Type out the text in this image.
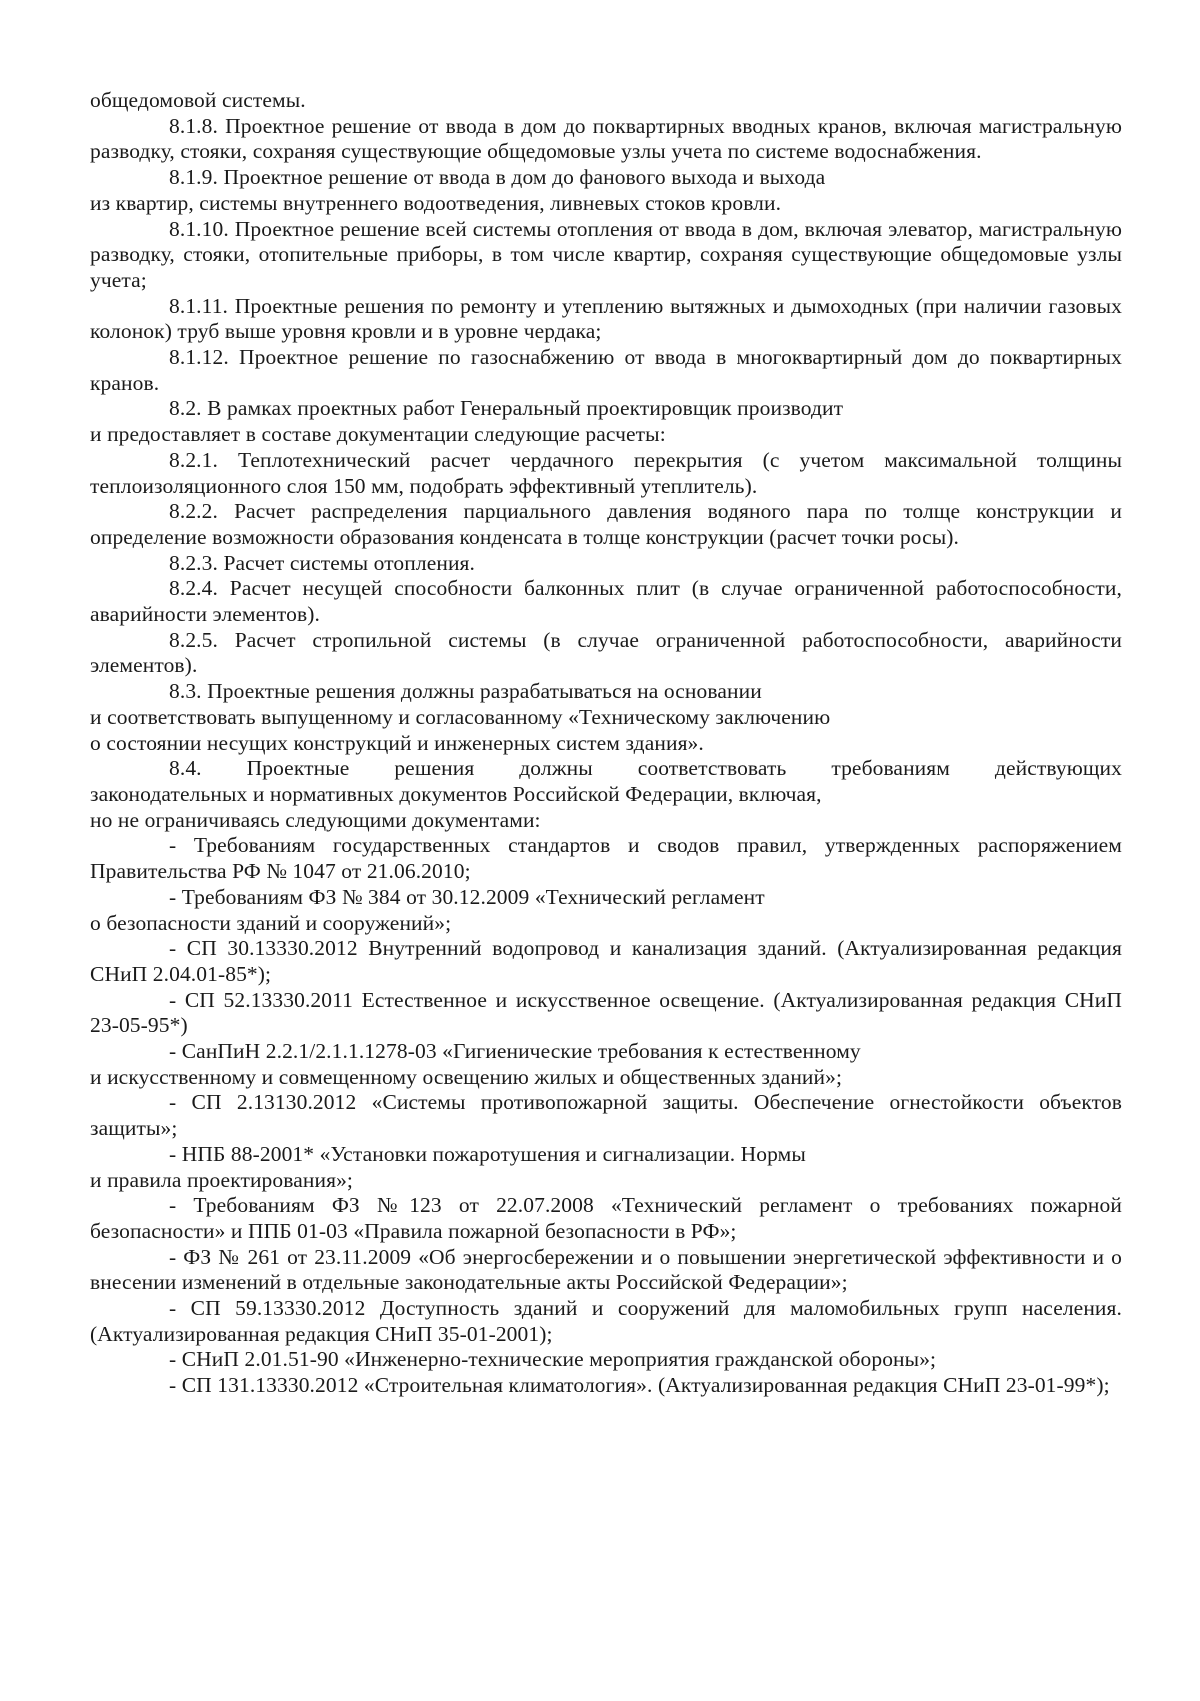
общедомовой системы.

8.1.8. Проектное решение от ввода в дом до поквартирных вводных кранов, включая магистральную разводку, стояки, сохраняя существующие общедомовые узлы учета по системе водоснабжения.

8.1.9. Проектное решение от ввода в дом до фанового выхода и выхода
из квартир, системы внутреннего водоотведения, ливневых стоков кровли.

8.1.10. Проектное решение всей системы отопления от ввода в дом, включая элеватор, магистральную разводку, стояки, отопительные приборы, в том числе квартир, сохраняя существующие общедомовые узлы учета;

8.1.11. Проектные решения по ремонту и утеплению вытяжных и дымоходных (при наличии газовых колонок) труб выше уровня кровли и в уровне чердака;

8.1.12. Проектное решение по газоснабжению от ввода в многоквартирный дом до поквартирных кранов.

8.2. В рамках проектных работ Генеральный проектировщик производит
и предоставляет в составе документации следующие расчеты:

8.2.1. Теплотехнический расчет чердачного перекрытия (с учетом максимальной толщины теплоизоляционного слоя 150 мм, подобрать эффективный утеплитель).

8.2.2. Расчет распределения парциального давления водяного пара по толще конструкции и определение возможности образования конденсата в толще конструкции (расчет точки росы).

8.2.3. Расчет системы отопления.

8.2.4. Расчет несущей способности балконных плит (в случае ограниченной работоспособности, аварийности элементов).

8.2.5. Расчет стропильной системы (в случае ограниченной работоспособности, аварийности элементов).

8.3. Проектные решения должны разрабатываться на основании
и соответствовать выпущенному и согласованному «Техническому заключению
о состоянии несущих конструкций и инженерных систем здания».

8.4. Проектные решения должны соответствовать требованиям действующих

законодательных и нормативных документов Российской Федерации, включая,
но не ограничиваясь следующими документами:

- Требованиям государственных стандартов и сводов правил, утвержденных распоряжением Правительства РФ № 1047 от 21.06.2010;

- Требованиям ФЗ № 384 от 30.12.2009 «Технический регламент
о безопасности зданий и сооружений»;

- СП 30.13330.2012 Внутренний водопровод и канализация зданий. (Актуализированная редакция СНиП 2.04.01-85*);

- СП 52.13330.2011 Естественное и искусственное освещение. (Актуализированная редакция СНиП 23-05-95*)

- СанПиН 2.2.1/2.1.1.1278-03 «Гигиенические требования к естественному
и искусственному и совмещенному освещению жилых и общественных зданий»;

- СП 2.13130.2012 «Системы противопожарной защиты. Обеспечение огнестойкости объектов защиты»;

- НПБ 88-2001* «Установки пожаротушения и сигнализации. Нормы
и правила проектирования»;

- Требованиям ФЗ №123 от 22.07.2008 «Технический регламент о требованиях пожарной безопасности» и ППБ 01-03 «Правила пожарной безопасности в РФ»;

- ФЗ № 261 от 23.11.2009 «Об энергосбережении и о повышении энергетической эффективности и о внесении изменений в отдельные законодательные акты Российской Федерации»;

- СП 59.13330.2012 Доступность зданий и сооружений для маломобильных групп населения. (Актуализированная редакция СНиП 35-01-2001);

- СНиП 2.01.51-90 «Инженерно-технические мероприятия гражданской обороны»;

- СП 131.13330.2012 «Строительная климатология». (Актуализированная редакция СНиП 23-01-99*);
